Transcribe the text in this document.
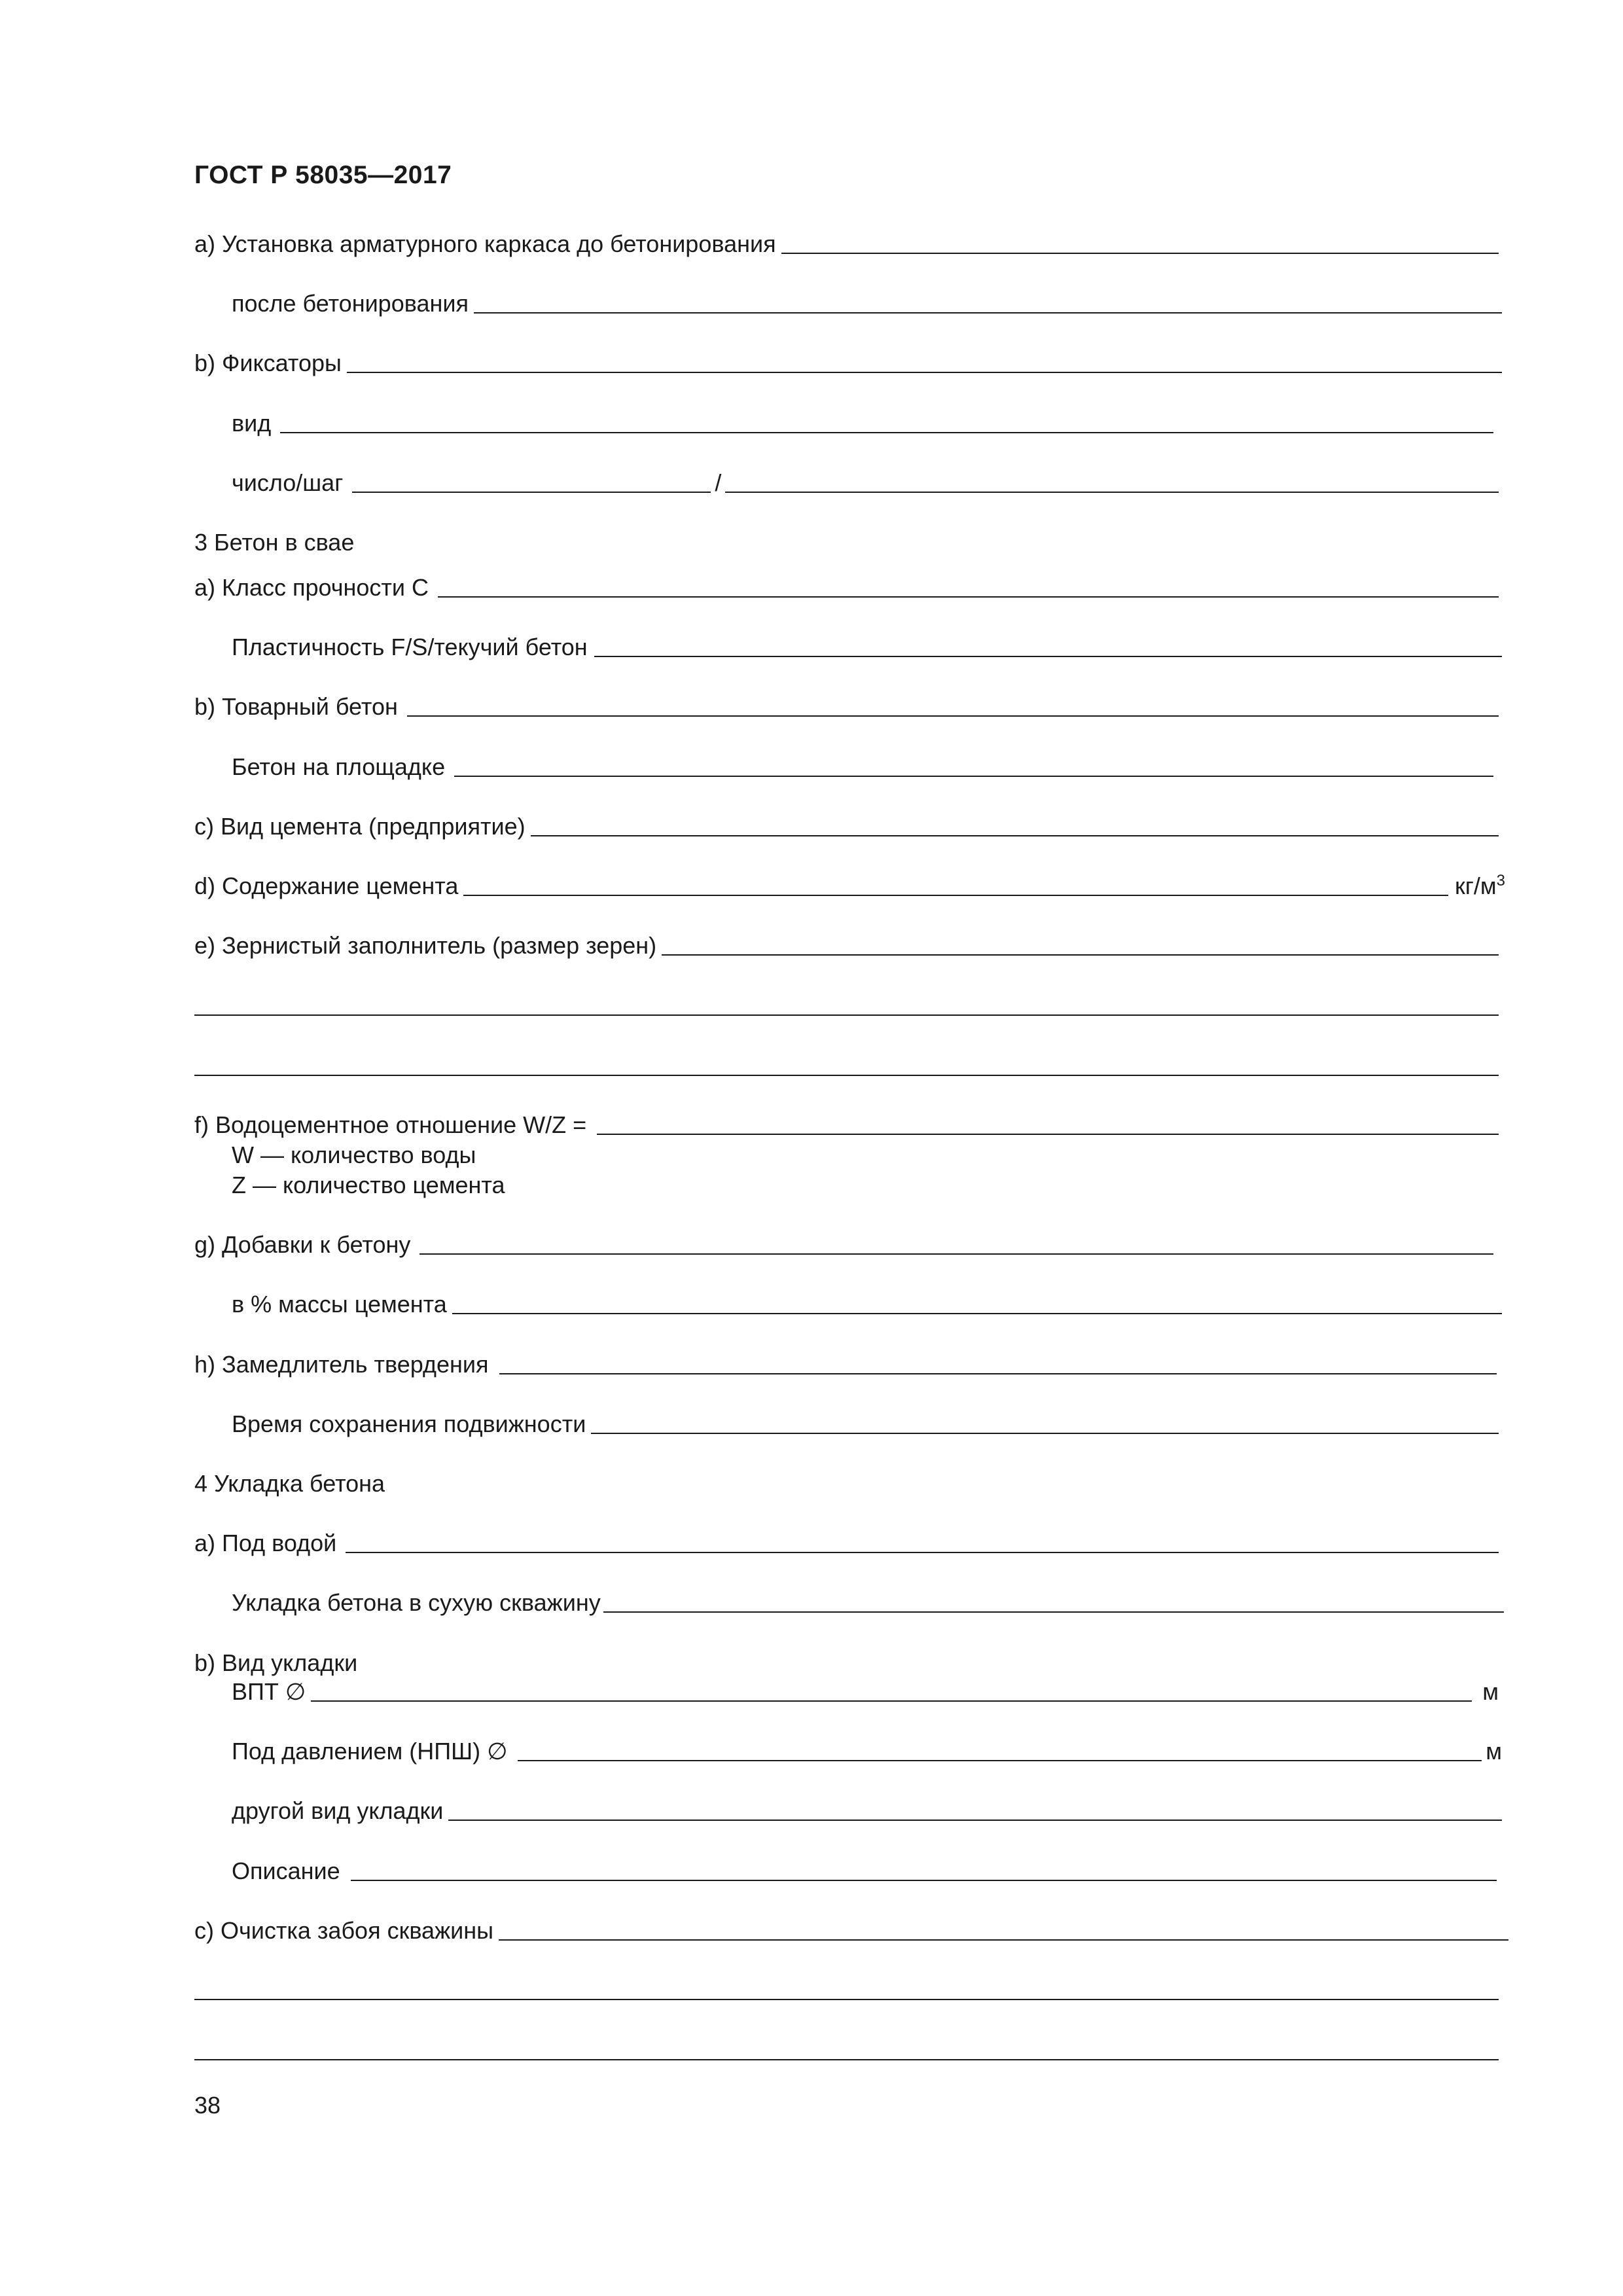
ГОСТ Р 58035—2017
а) Установка арматурного каркаса до бетонирования
после бетонирования
b) Фиксаторы
вид
число/шаг	/
3 Бетон в свае
а) Класс прочности С
Пластичность F/S/текучий бетон
b) Товарный бетон
Бетон на площадке
с) Вид цемента (предприятие)
d) Содержание цемента	$кг/м^3$
е) Зернистый заполнитель (размер зерен)
f) Водоцементное отношение W/Z =
W — количество воды
Z — количество цемента
g) Добавки к бетону
в % массы цемента
h) Замедлитель твердения
Время сохранения подвижности
4 Укладка бетона
а) Под водой
Укладка бетона в сухую скважину
b) Вид укладки
ВПТ ∅	м
Под давлением (НПШ) ∅	м
другой вид укладки
Описание
с) Очистка забоя скважины
38
